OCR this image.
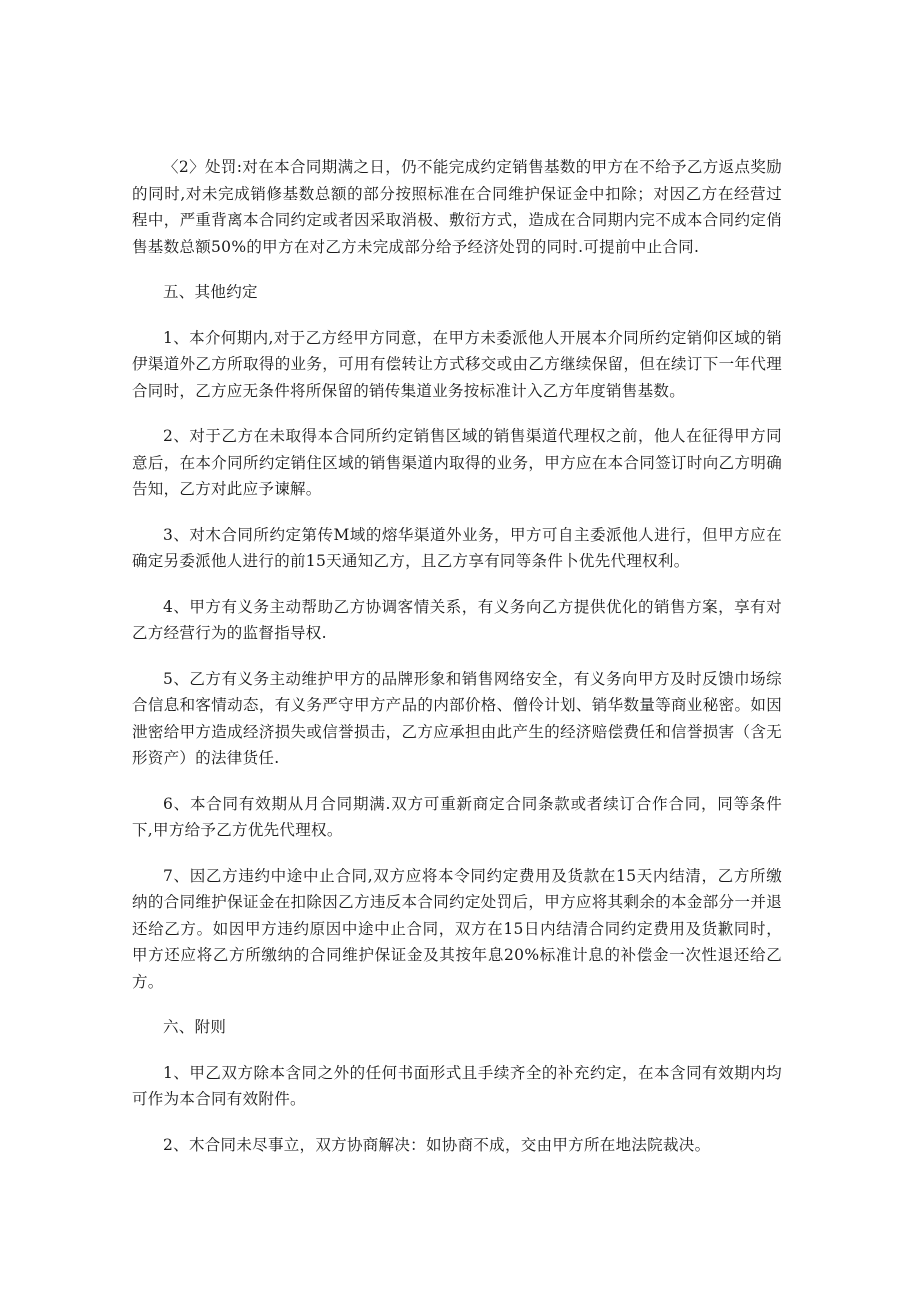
〈2〉处罚:对在本合同期满之日，仍不能完成约定销售基数的甲方在不给予乙方返点奖励的同时,对未完成销修基数总额的部分按照标准在合同维护保证金中扣除；对因乙方在经营过程中，严重背离本合同约定或者因采取消极、敷衍方式，造成在合同期内完不成本合同约定俏售基数总额50%的甲方在对乙方未完成部分给予经济处罚的同时.可提前中止合同.

五、其他约定

1、本介何期内,对于乙方经甲方同意，在甲方未委派他人开展本介同所约定销仰区域的销伊渠道外乙方所取得的业务，可用有偿转让方式移交或由乙方继续保留，但在续订下一年代理合同时，乙方应无条件将所保留的销传集道业务按标准计入乙方年度销售基数。

2、对于乙方在未取得本合同所约定销售区域的销售渠道代理权之前，他人在征得甲方同意后，在本介同所约定销住区域的销售渠道内取得的业务，甲方应在本合同签订时向乙方明确告知，乙方对此应予谏解。

3、对木合同所约定第传M域的熔华渠道外业务，甲方可自主委派他人进行，但甲方应在确定另委派他人进行的前15天通知乙方，且乙方享有同等条件卜优先代理权利。

4、甲方有义务主动帮助乙方协调客情关系，有义务向乙方提供优化的销售方案，享有对乙方经营行为的监督指导权.

5、乙方有义务主动维护甲方的品牌形象和销售网络安全，有义务向甲方及时反馈巾场综合信息和客情动态，有义务严守甲方产品的内部价格、僧伶计划、销华数量等商业秘密。如因泄密给甲方造成经济损失或信誉损击，乙方应承担由此产生的经济赔偿费任和信誉损害（含无形资产）的法律货任.

6、本合同有效期从月合同期满.双方可重新商定合同条款或者续订合作合同，同等条件下,甲方给予乙方优先代理权。

7、因乙方违约中途中止合同,双方应将本令同约定费用及货款在15天内结清，乙方所缴纳的合同维护保证金在扣除因乙方违反本合同约定处罚后，甲方应将其剩余的本金部分一并退还给乙方。如因甲方违约原因中途中止合同，双方在15日内结清合同约定费用及货歉同时，甲方还应将乙方所缴纳的合同维护保证金及其按年息20%标准计息的补偿金一次性退还给乙方。

六、附则

1、甲乙双方除本含同之外的任何书面形式且手续齐全的补充约定，在本含同有效期内均可作为本合同有效附件。

2、木合同未尽事立，双方协商解决：如协商不成，交由甲方所在地法院裁决。
